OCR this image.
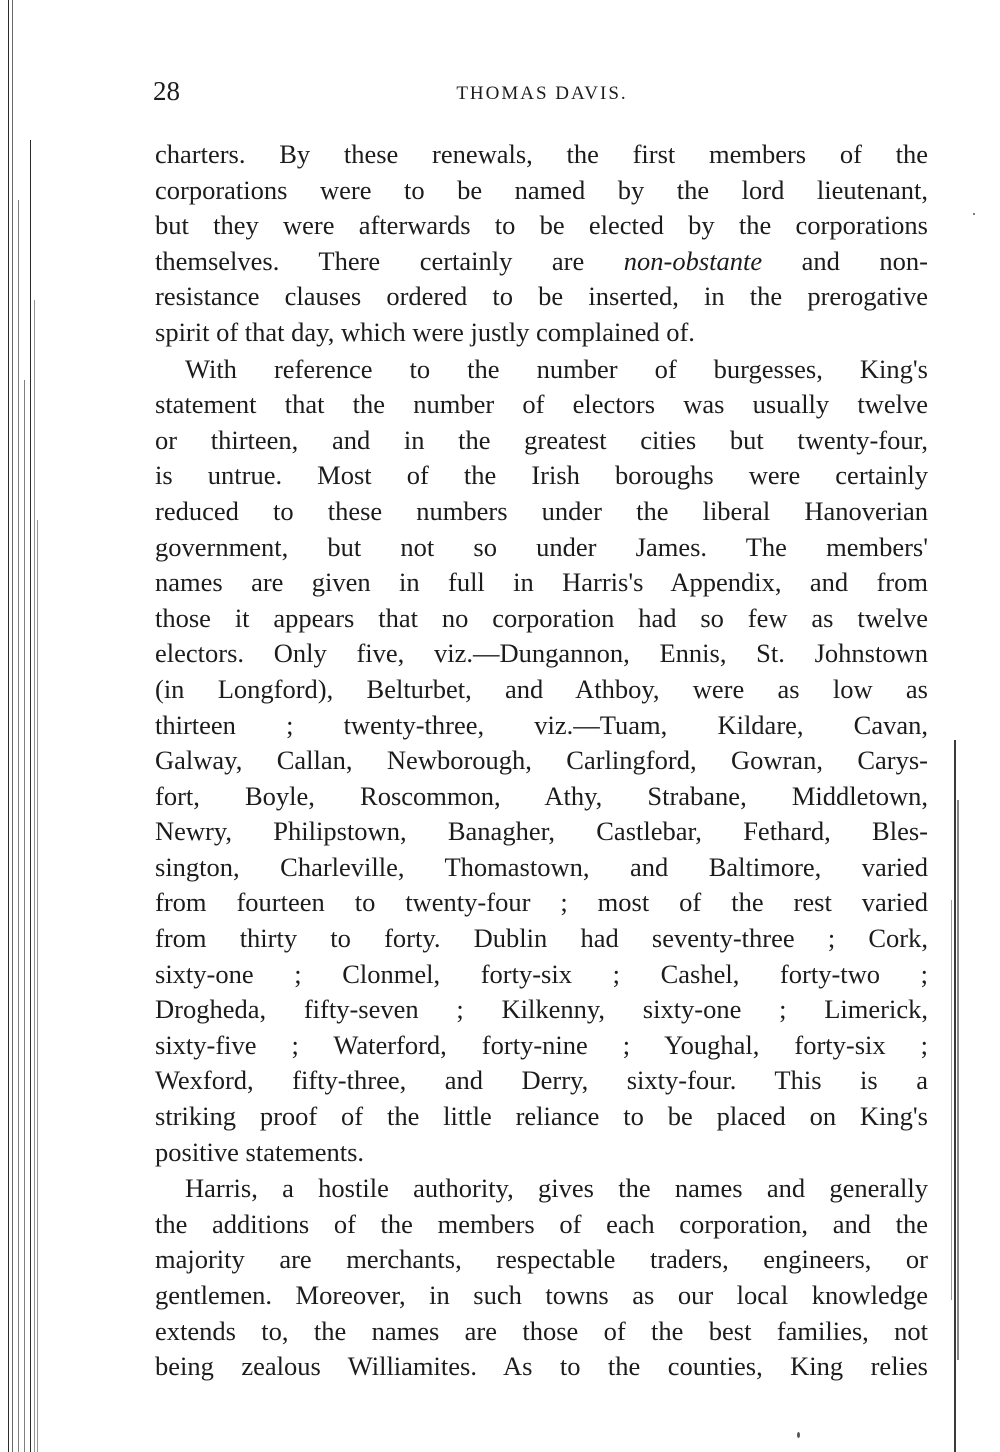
28	THOMAS DAVIS.
charters. By these renewals, the first members of the
corporations were to be named by the lord lieutenant,
but they were afterwards to be elected by the corporations
themselves. There certainly are non-obstante and non-
resistance clauses ordered to be inserted, in the prerogative
spirit of that day, which were justly complained of.
With reference to the number of burgesses, King's
statement that the number of electors was usually twelve
or thirteen, and in the greatest cities but twenty-four,
is untrue. Most of the Irish boroughs were certainly
reduced to these numbers under the liberal Hanoverian
government, but not so under James. The members'
names are given in full in Harris's Appendix, and from
those it appears that no corporation had so few as twelve
electors. Only five, viz.—Dungannon, Ennis, St. Johnstown
(in Longford), Belturbet, and Athboy, were as low as
thirteen ; twenty-three, viz.—Tuam, Kildare, Cavan,
Galway, Callan, Newborough, Carlingford, Gowran, Carys-
fort, Boyle, Roscommon, Athy, Strabane, Middletown,
Newry, Philipstown, Banagher, Castlebar, Fethard, Bles-
sington, Charleville, Thomastown, and Baltimore, varied
from fourteen to twenty-four ; most of the rest varied
from thirty to forty. Dublin had seventy-three ; Cork,
sixty-one ; Clonmel, forty-six ; Cashel, forty-two ;
Drogheda, fifty-seven ; Kilkenny, sixty-one ; Limerick,
sixty-five ; Waterford, forty-nine ; Youghal, forty-six ;
Wexford, fifty-three, and Derry, sixty-four. This is a
striking proof of the little reliance to be placed on King's
positive statements.
Harris, a hostile authority, gives the names and generally
the additions of the members of each corporation, and the
majority are merchants, respectable traders, engineers, or
gentlemen. Moreover, in such towns as our local knowledge
extends to, the names are those of the best families, not
being zealous Williamites. As to the counties, King relies
